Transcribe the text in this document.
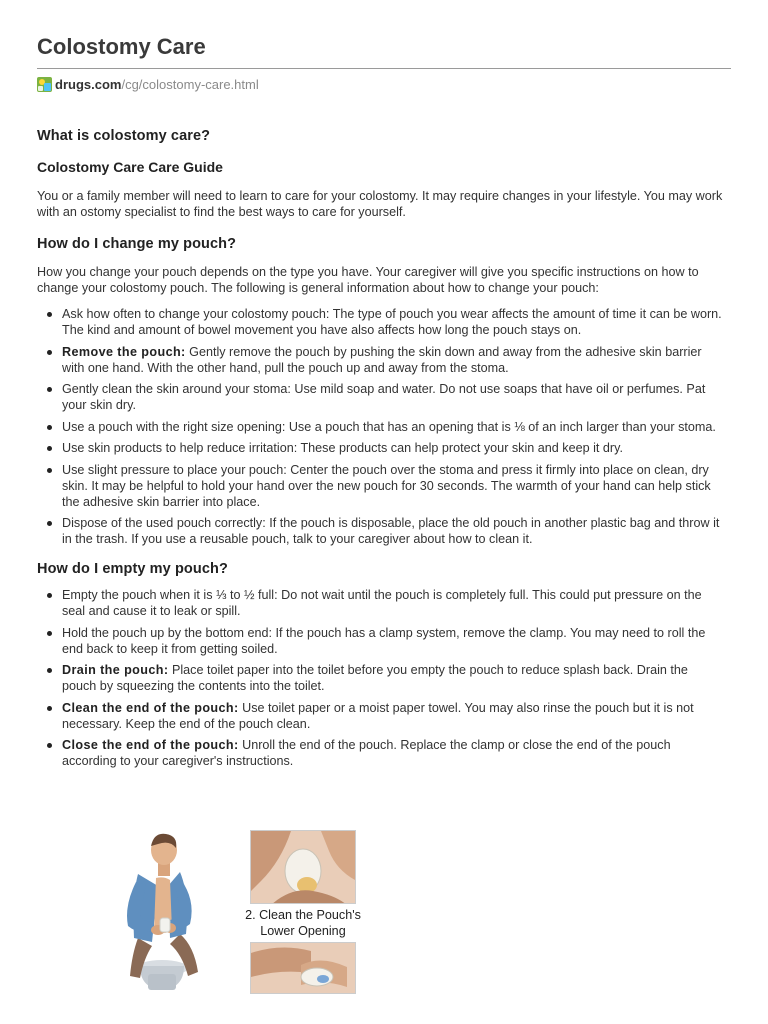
Colostomy Care
drugs.com /cg/colostomy-care.html
What is colostomy care?
Colostomy Care Care Guide

You or a family member will need to learn to care for your colostomy. It may require changes in your lifestyle. You may work with an ostomy specialist to find the best ways to care for yourself.

How do I change my pouch?

How you change your pouch depends on the type you have. Your caregiver will give you specific instructions on how to change your colostomy pouch. The following is general information about how to change your pouch:

Ask how often to change your colostomy pouch: The type of pouch you wear affects the amount of time it can be worn. The kind and amount of bowel movement you have also affects how long the pouch stays on.
Remove the pouch: Gently remove the pouch by pushing the skin down and away from the adhesive skin barrier with one hand. With the other hand, pull the pouch up and away from the stoma.
Gently clean the skin around your stoma: Use mild soap and water. Do not use soaps that have oil or perfumes. Pat your skin dry.
Use a pouch with the right size opening: Use a pouch that has an opening that is ⅛ of an inch larger than your stoma.
Use skin products to help reduce irritation: These products can help protect your skin and keep it dry.
Use slight pressure to place your pouch: Center the pouch over the stoma and press it firmly into place on clean, dry skin. It may be helpful to hold your hand over the new pouch for 30 seconds. The warmth of your hand can help stick the adhesive skin barrier into place.
Dispose of the used pouch correctly: If the pouch is disposable, place the old pouch in another plastic bag and throw it in the trash. If you use a reusable pouch, talk to your caregiver about how to clean it.
How do I empty my pouch?
Empty the pouch when it is ⅓ to ½ full: Do not wait until the pouch is completely full. This could put pressure on the seal and cause it to leak or spill.
Hold the pouch up by the bottom end: If the pouch has a clamp system, remove the clamp. You may need to roll the end back to keep it from getting soiled.
Drain the pouch: Place toilet paper into the toilet before you empty the pouch to reduce splash back. Drain the pouch by squeezing the contents into the toilet.
Clean the end of the pouch: Use toilet paper or a moist paper towel. You may also rinse the pouch but it is not necessary. Keep the end of the pouch clean.
Close the end of the pouch: Unroll the end of the pouch. Replace the clamp or close the end of the pouch according to your caregiver's instructions.
2. Clean the Pouch's
Lower Opening
